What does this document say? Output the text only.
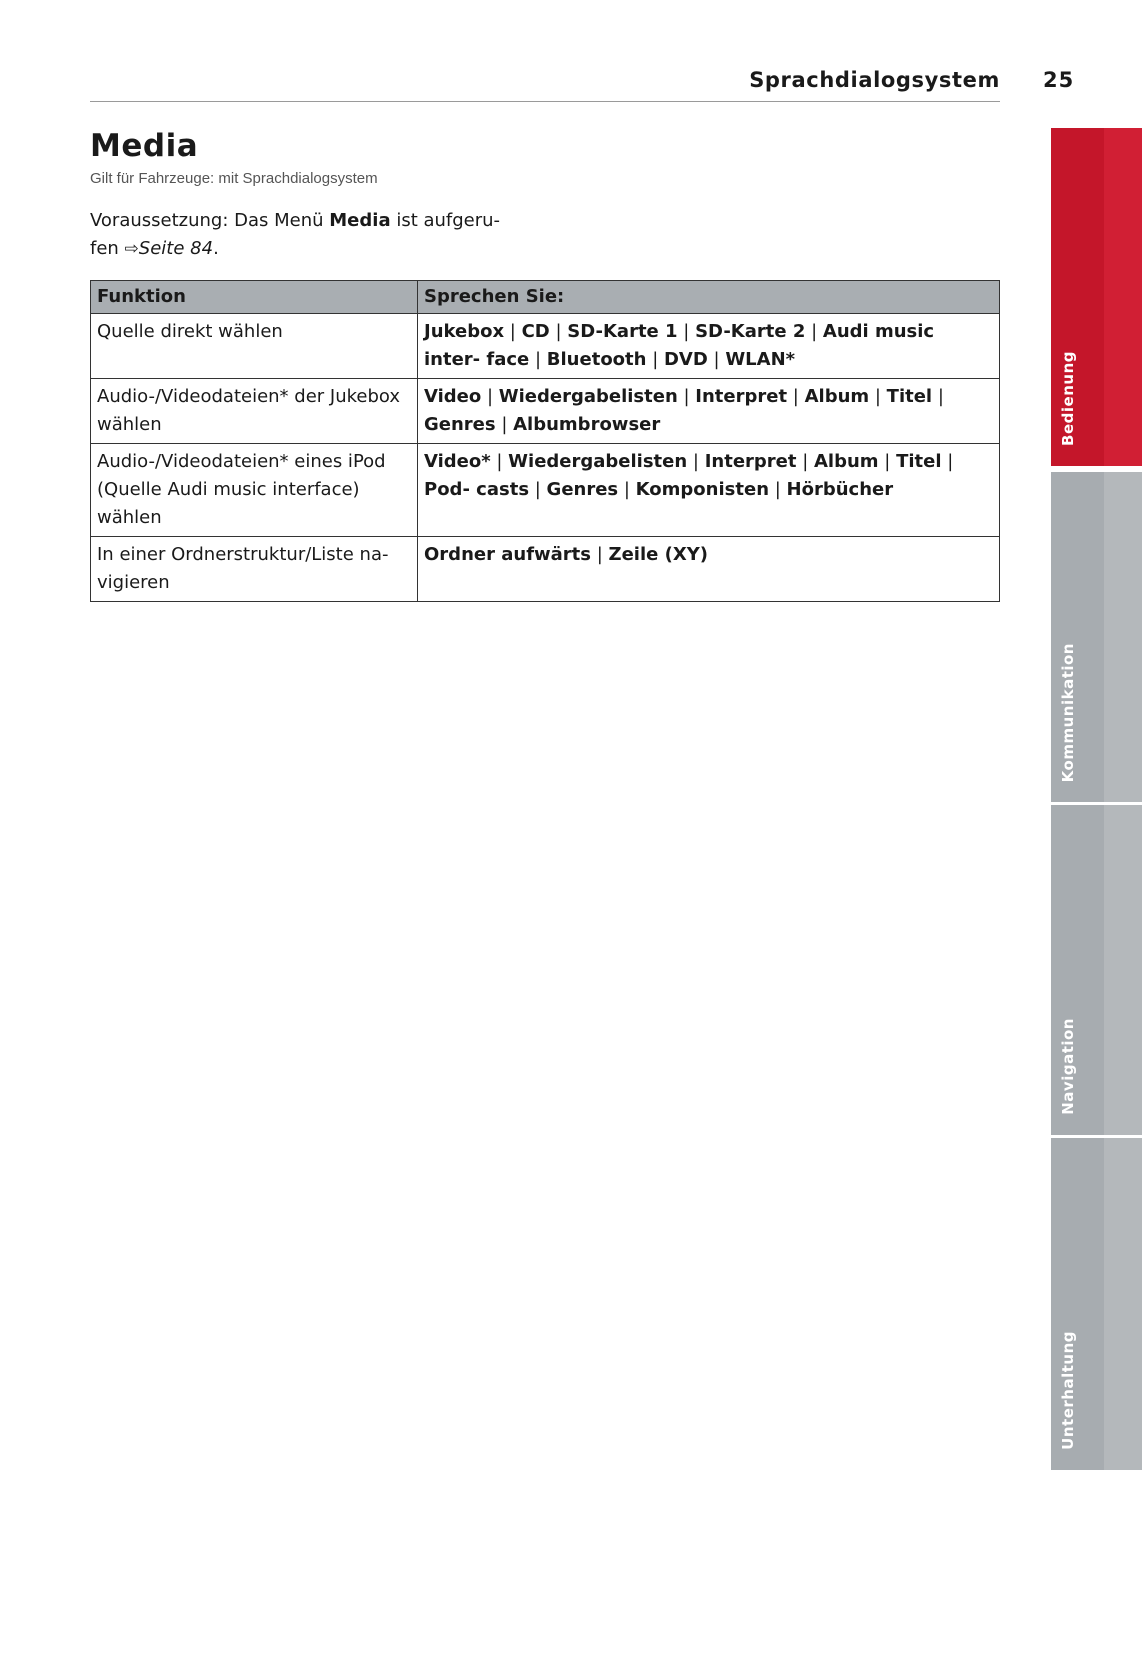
Sprachdialogsystem 25
Media
Gilt für Fahrzeuge: mit Sprachdialogsystem
Voraussetzung: Das Menü Media ist aufgeru-
fen ⇨Seite 84.
Funktion	Sprechen Sie:
Quelle direkt wählen	Jukebox | CD | SD-Karte 1 | SD-Karte 2 | Audi music inter- face | Bluetooth | DVD | WLAN*
Audio-/Videodateien* der Jukebox wählen	Video | Wiedergabelisten | Interpret | Album | Titel | Genres | Albumbrowser
Audio-/Videodateien* eines iPod (Quelle Audi music interface) wählen	Video* | Wiedergabelisten | Interpret | Album | Titel | Pod- casts | Genres | Komponisten | Hörbücher
In einer Ordnerstruktur/Liste na- vigieren	Ordner aufwärts | Zeile (XY)
Bedienung
Kommunikation
Navigation
Unterhaltung
